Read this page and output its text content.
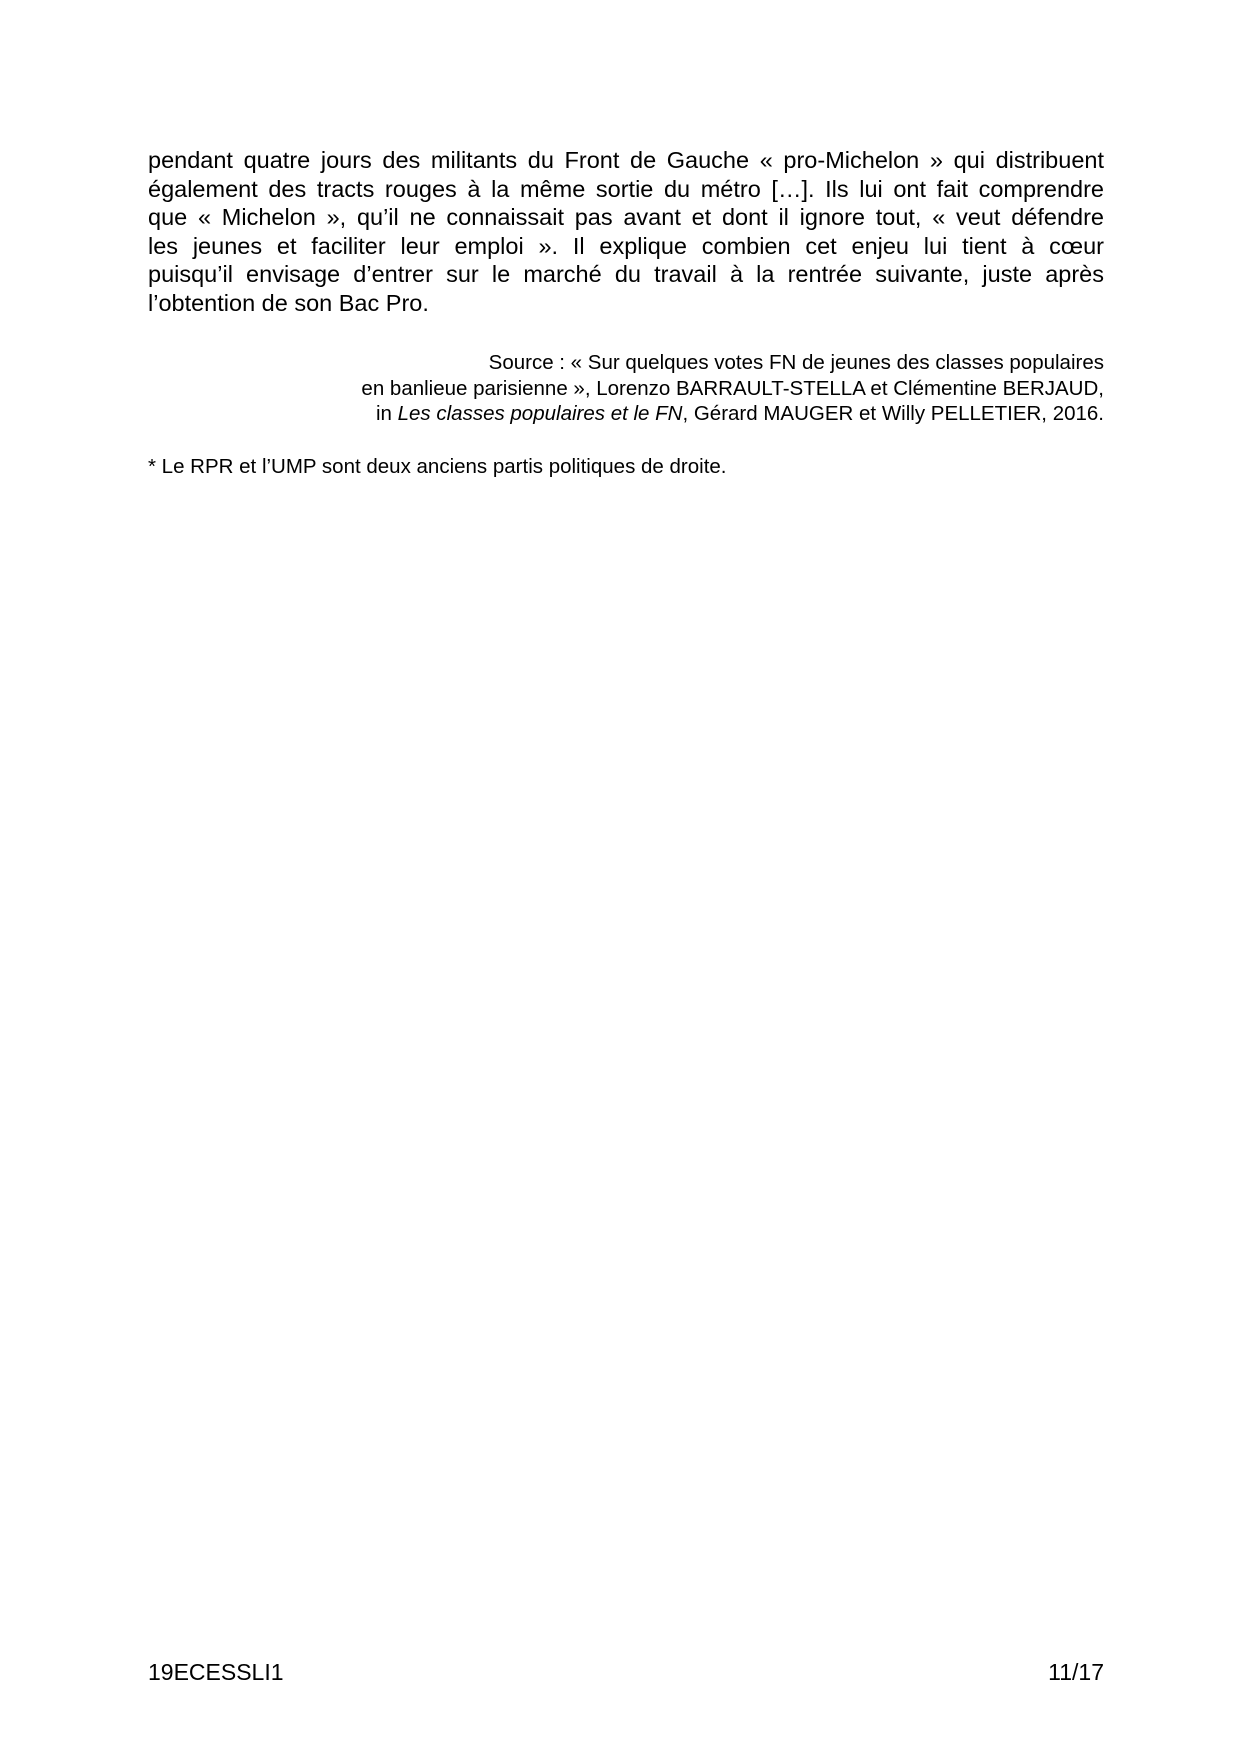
pendant quatre jours des militants du Front de Gauche « pro-Michelon » qui distribuent
également des tracts rouges à la même sortie du métro […]. Ils lui ont fait comprendre
que « Michelon », qu’il ne connaissait pas avant et dont il ignore tout, « veut défendre
les jeunes et faciliter leur emploi ». Il explique combien cet enjeu lui tient à cœur
puisqu’il envisage d’entrer sur le marché du travail à la rentrée suivante, juste après
l’obtention de son Bac Pro.
Source : « Sur quelques votes FN de jeunes des classes populaires
en banlieue parisienne », Lorenzo BARRAULT-STELLA et Clémentine BERJAUD,
in Les classes populaires et le FN, Gérard MAUGER et Willy PELLETIER, 2016.

* Le RPR et l’UMP sont deux anciens partis politiques de droite.

19ECESSLI1	11/17
